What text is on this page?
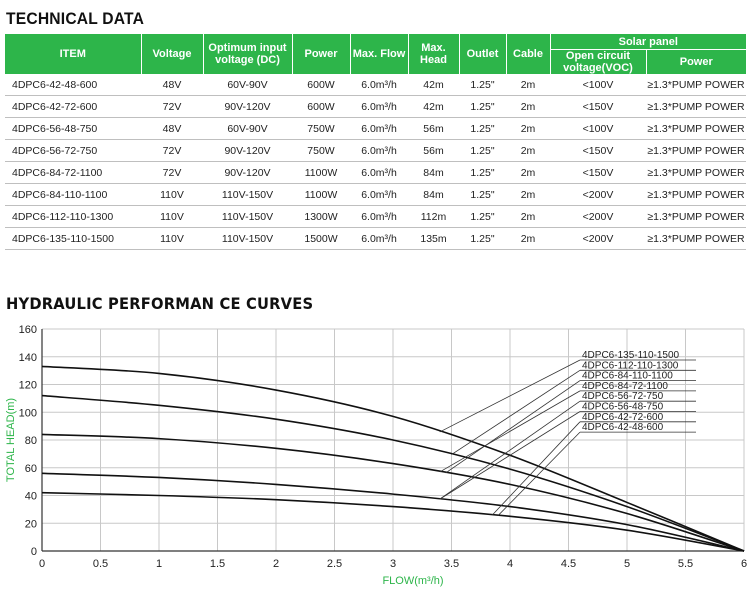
TECHNICAL DATA
ITEM	Voltage	Optimum input voltage (DC)	Power	Max. Flow	Max. Head	Outlet	Cable	Solar panel	
								Open circuit voltage(VOC)	Power
4DPC6-42-48-600	48V	60V-90V	600W	6.0m³/h	42m	1.25"	2m	<100V	≥1.3*PUMP POWER
4DPC6-42-72-600	72V	90V-120V	600W	6.0m³/h	42m	1.25"	2m	<150V	≥1.3*PUMP POWER
4DPC6-56-48-750	48V	60V-90V	750W	6.0m³/h	56m	1.25"	2m	<100V	≥1.3*PUMP POWER
4DPC6-56-72-750	72V	90V-120V	750W	6.0m³/h	56m	1.25"	2m	<150V	≥1.3*PUMP POWER
4DPC6-84-72-1100	72V	90V-120V	1100W	6.0m³/h	84m	1.25"	2m	<150V	≥1.3*PUMP POWER
4DPC6-84-110-1100	110V	110V-150V	1100W	6.0m³/h	84m	1.25"	2m	<200V	≥1.3*PUMP POWER
4DPC6-112-110-1300	110V	110V-150V	1300W	6.0m³/h	112m	1.25"	2m	<200V	≥1.3*PUMP POWER
4DPC6-135-110-1500	110V	110V-150V	1500W	6.0m³/h	135m	1.25"	2m	<200V	≥1.3*PUMP POWER
HYDRAULIC PERFORMAN CE CURVES
0	0.5	1	1.5	2	2.5	3	3.5	4	4.5	5	5.5	6
0
20
40
60
80
100
120
140
160
FLOW(m³/h)
TOTAL HEAD(m)
4DPC6-135-110-1500
4DPC6-112-110-1300
4DPC6-84-110-1100
4DPC6-84-72-1100
4DPC6-56-72-750
4DPC6-56-48-750
4DPC6-42-72-600
4DPC6-42-48-600
